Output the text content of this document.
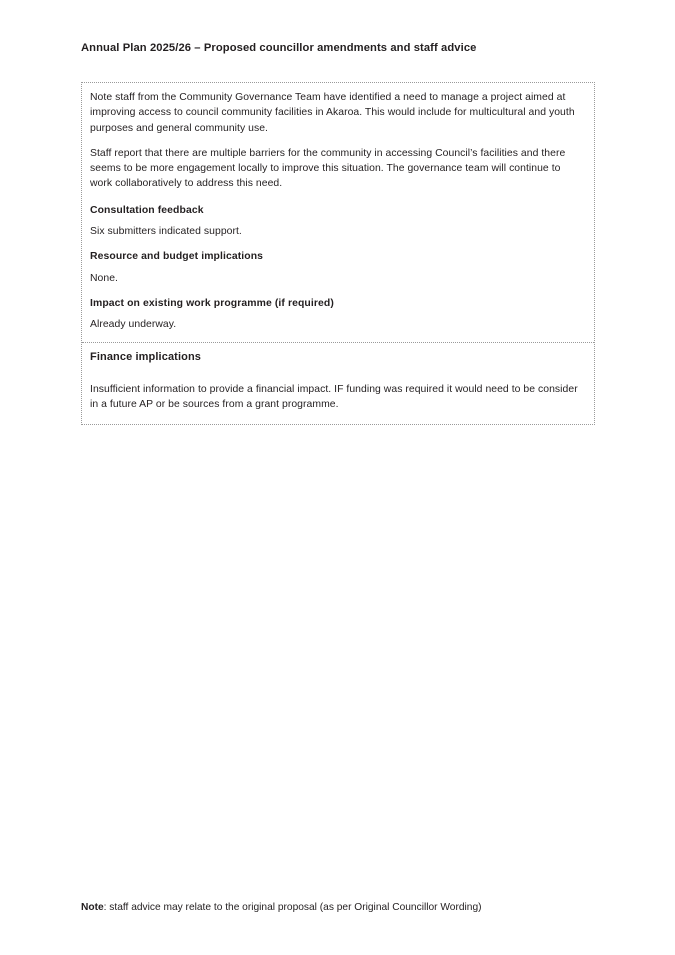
Annual Plan 2025/26 – Proposed councillor amendments and staff advice

Note staff from the Community Governance Team have identified a need to manage a project aimed at improving access to council community facilities in Akaroa. This would include for multicultural and youth purposes and general community use.

Staff report that there are multiple barriers for the community in accessing Council’s facilities and there seems to be more engagement locally to improve this situation. The governance team will continue to work collaboratively to address this need.

Consultation feedback

Six submitters indicated support.

Resource and budget implications

None.

Impact on existing work programme (if required)

Already underway.

Finance implications

Insufficient information to provide a financial impact. IF funding was required it would need to be consider in a future AP or be sources from a grant programme.

Note: staff advice may relate to the original proposal (as per Original Councillor Wording)
